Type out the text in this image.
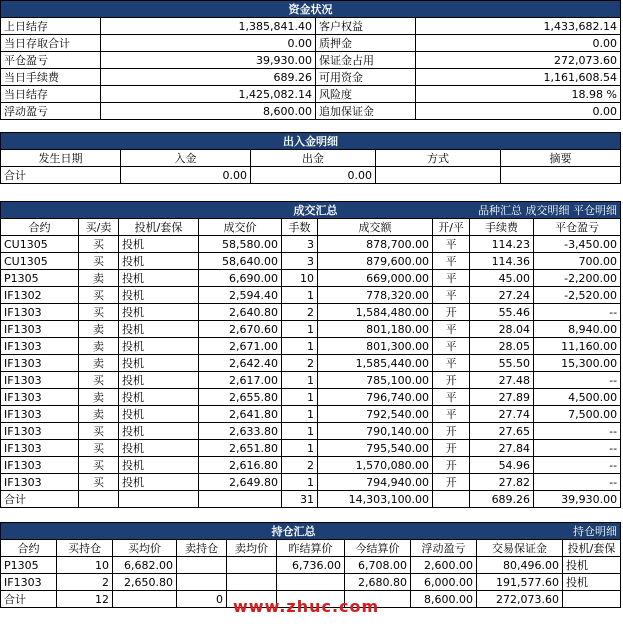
资金状况			
上日结存	1,385,841.40	客户权益	1,433,682.14
当日存取合计	0.00	质押金	0.00
平仓盈亏	39,930.00	保证金占用	272,073.60
当日手续费	689.26	可用资金	1,161,608.54
当日结存	1,425,082.14	风险度	18.98 %
浮动盈亏	8,600.00	追加保证金	0.00
出入金明细				
发生日期	入金	出金	方式	摘要
合计	0.00	0.00		
			成交汇总			品种汇总 成交明细 平仓明细		
合约	买/卖	投机/套保	成交价	手数	成交额	开/平	手续费	平仓盈亏
CU1305	买	投机	58,580.00	3	878,700.00	平	114.23	-3,450.00
CU1305	买	投机	58,640.00	3	879,600.00	平	114.36	700.00
P1305	卖	投机	6,690.00	10	669,000.00	平	45.00	-2,200.00
IF1302	买	投机	2,594.40	1	778,320.00	平	27.24	-2,520.00
IF1303	买	投机	2,640.80	2	1,584,480.00	开	55.46	--
IF1303	卖	投机	2,670.60	1	801,180.00	平	28.04	8,940.00
IF1303	卖	投机	2,671.00	1	801,300.00	平	28.05	11,160.00
IF1303	卖	投机	2,642.40	2	1,585,440.00	平	55.50	15,300.00
IF1303	买	投机	2,617.00	1	785,100.00	开	27.48	--
IF1303	卖	投机	2,655.80	1	796,740.00	平	27.89	4,500.00
IF1303	卖	投机	2,641.80	1	792,540.00	平	27.74	7,500.00
IF1303	买	投机	2,633.80	1	790,140.00	开	27.65	--
IF1303	买	投机	2,651.80	1	795,540.00	开	27.84	--
IF1303	买	投机	2,616.80	2	1,570,080.00	开	54.96	--
IF1303	买	投机	2,649.80	1	794,940.00	开	27.82	--
合计				31	14,303,100.00		689.26	39,930.00
			持仓汇总				持仓明细		
合约	买持仓	买均价	卖持仓	卖均价	昨结算价	今结算价	浮动盈亏	交易保证金	投机/套保
P1305	10	6,682.00			6,736.00	6,708.00	2,600.00	80,496.00	投机
IF1303	2	2,650.80				2,680.80	6,000.00	191,577.60	投机
合计	12		0				8,600.00	272,073.60	
www.zhuc.com
